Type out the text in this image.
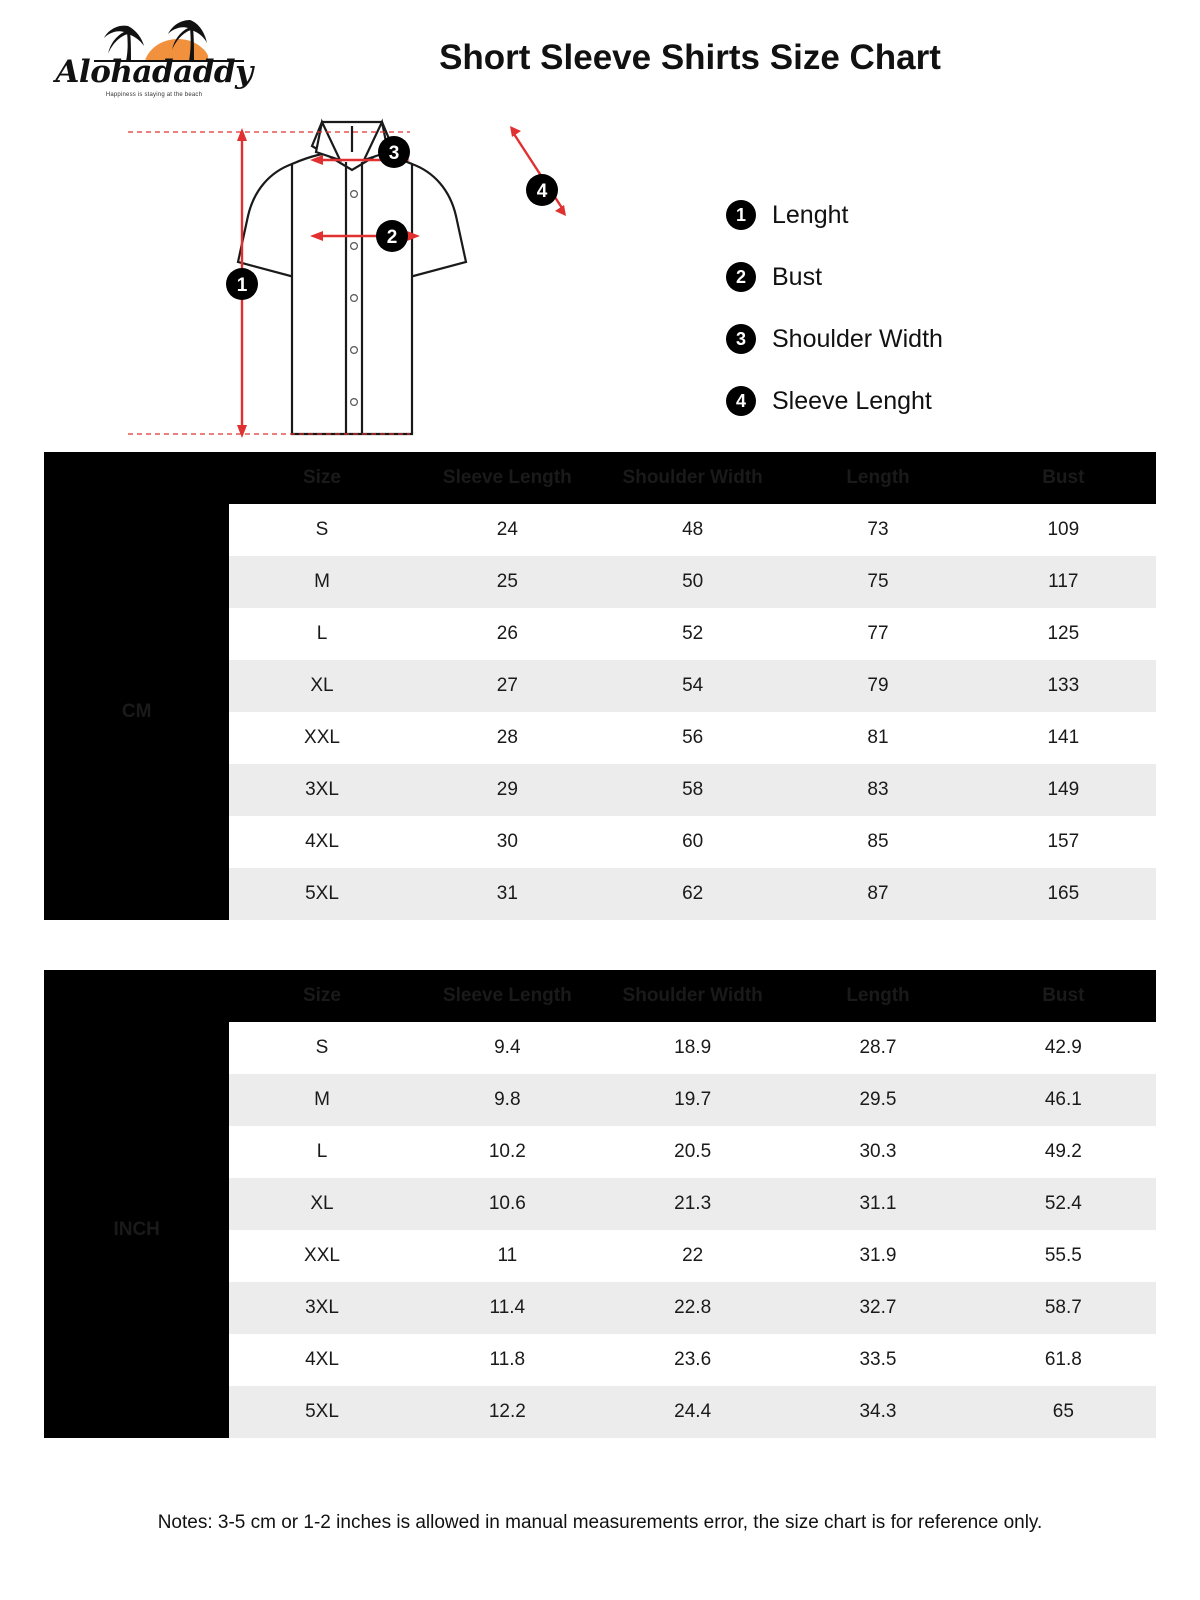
Alohadaddy
Happiness is staying at the beach
Short Sleeve Shirts Size Chart
1
2
3
4
1	Lenght
2	Bust
3	Shoulder Width
4	Sleeve Lenght
	Size	Sleeve Length	Shoulder Width	Length	Bust
CM	S	24	48	73	109
	M	25	50	75	117
	L	26	52	77	125
	XL	27	54	79	133
	XXL	28	56	81	141
	3XL	29	58	83	149
	4XL	30	60	85	157
	5XL	31	62	87	165
	Size	Sleeve Length	Shoulder Width	Length	Bust
INCH	S	9.4	18.9	28.7	42.9
	M	9.8	19.7	29.5	46.1
	L	10.2	20.5	30.3	49.2
	XL	10.6	21.3	31.1	52.4
	XXL	11	22	31.9	55.5
	3XL	11.4	22.8	32.7	58.7
	4XL	11.8	23.6	33.5	61.8
	5XL	12.2	24.4	34.3	65
Notes: 3-5 cm or 1-2 inches is allowed in manual measurements error, the size chart is for reference only.
